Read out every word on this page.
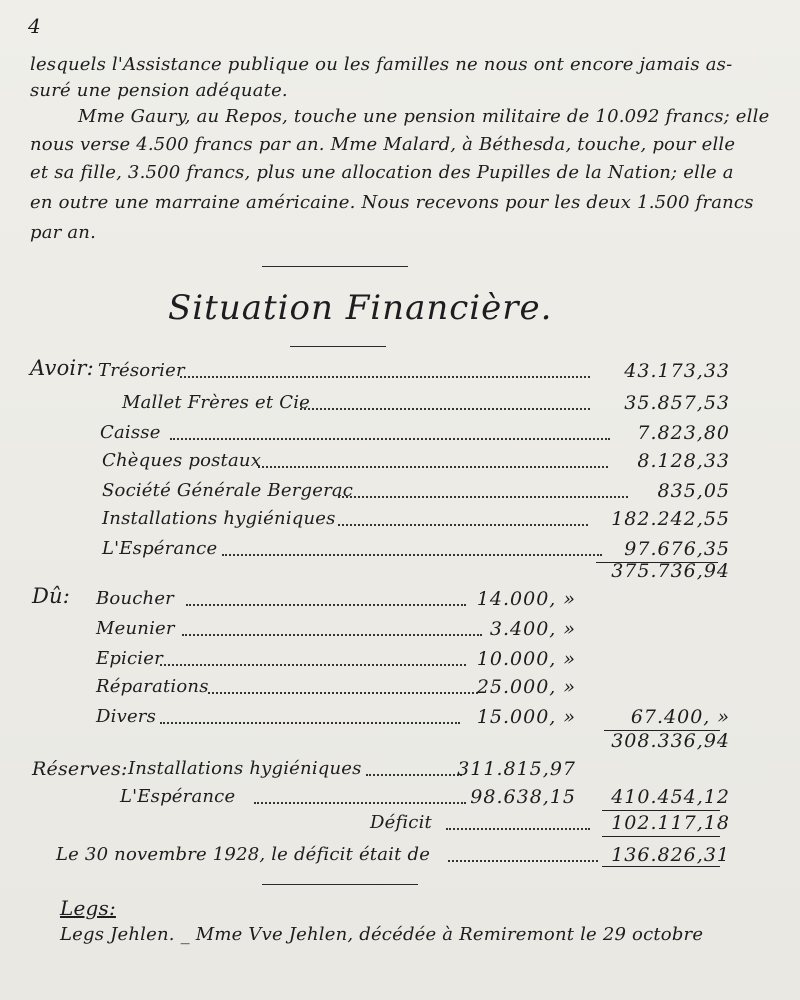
4
lesquels l'Assistance publique ou les familles ne nous ont encore jamais as-
suré une pension adéquate.
Mme Gaury, au Repos, touche une pension militaire de 10.092 francs; elle
nous verse 4.500 francs par an. Mme Malard, à Béthesda, touche, pour elle
et sa fille, 3.500 francs, plus une allocation des Pupilles de la Nation; elle a
en outre une marraine américaine. Nous recevons pour les deux 1.500 francs
par an.
Situation Financière.
Avoir: Trésorier	43.173,33
Mallet Frères et Cie	35.857,53
Caisse	7.823,80
Chèques postaux	8.128,33
Société Générale Bergerac	835,05
Installations hygiéniques	182.242,55
L'Espérance	97.676,35
375.736,94
Dû: Boucher	14.000, »
Meunier	3.400, »
Epicier	10.000, »
Réparations	25.000, »
Divers	15.000, »	67.400, »
308.336,94
Réserves: Installations hygiéniques	311.815,97
L'Espérance	98.638,15 410.454,12
Déficit	102.117,18
Le 30 novembre 1928, le déficit était de	136.826,31
Legs:
Legs Jehlen. _ Mme Vve Jehlen, décédée à Remiremont le 29 octobre
